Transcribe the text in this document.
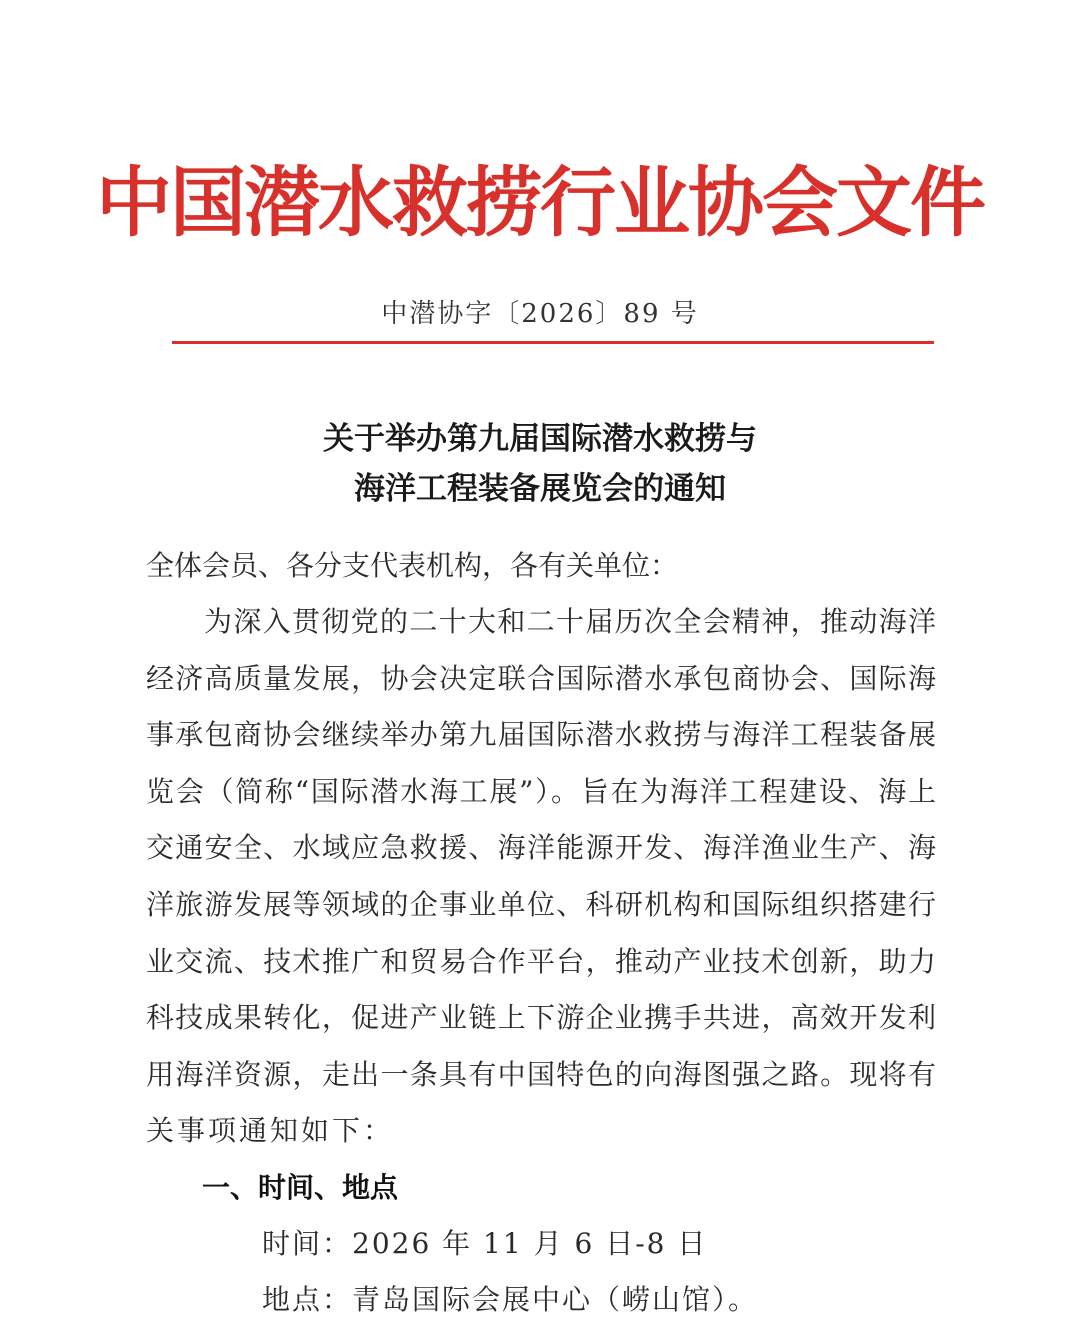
中国潜水救捞行业协会文件
中潜协字〔2026〕89 号
关于举办第九届国际潜水救捞与
海洋工程装备展览会的通知
全体会员、各分支代表机构，各有关单位：
为深入贯彻党的二十大和二十届历次全会精神，推动海洋
经济高质量发展，协会决定联合国际潜水承包商协会、国际海
事承包商协会继续举办第九届国际潜水救捞与海洋工程装备展
览会（简称“国际潜水海工展”）。旨在为海洋工程建设、海上
交通安全、水域应急救援、海洋能源开发、海洋渔业生产、海
洋旅游发展等领域的企事业单位、科研机构和国际组织搭建行
业交流、技术推广和贸易合作平台，推动产业技术创新，助力
科技成果转化，促进产业链上下游企业携手共进，高效开发利
用海洋资源，走出一条具有中国特色的向海图强之路。现将有
关事项通知如下：
一、时间、地点
时间：2026 年 11 月 6 日-8 日
地点：青岛国际会展中心（崂山馆）。
